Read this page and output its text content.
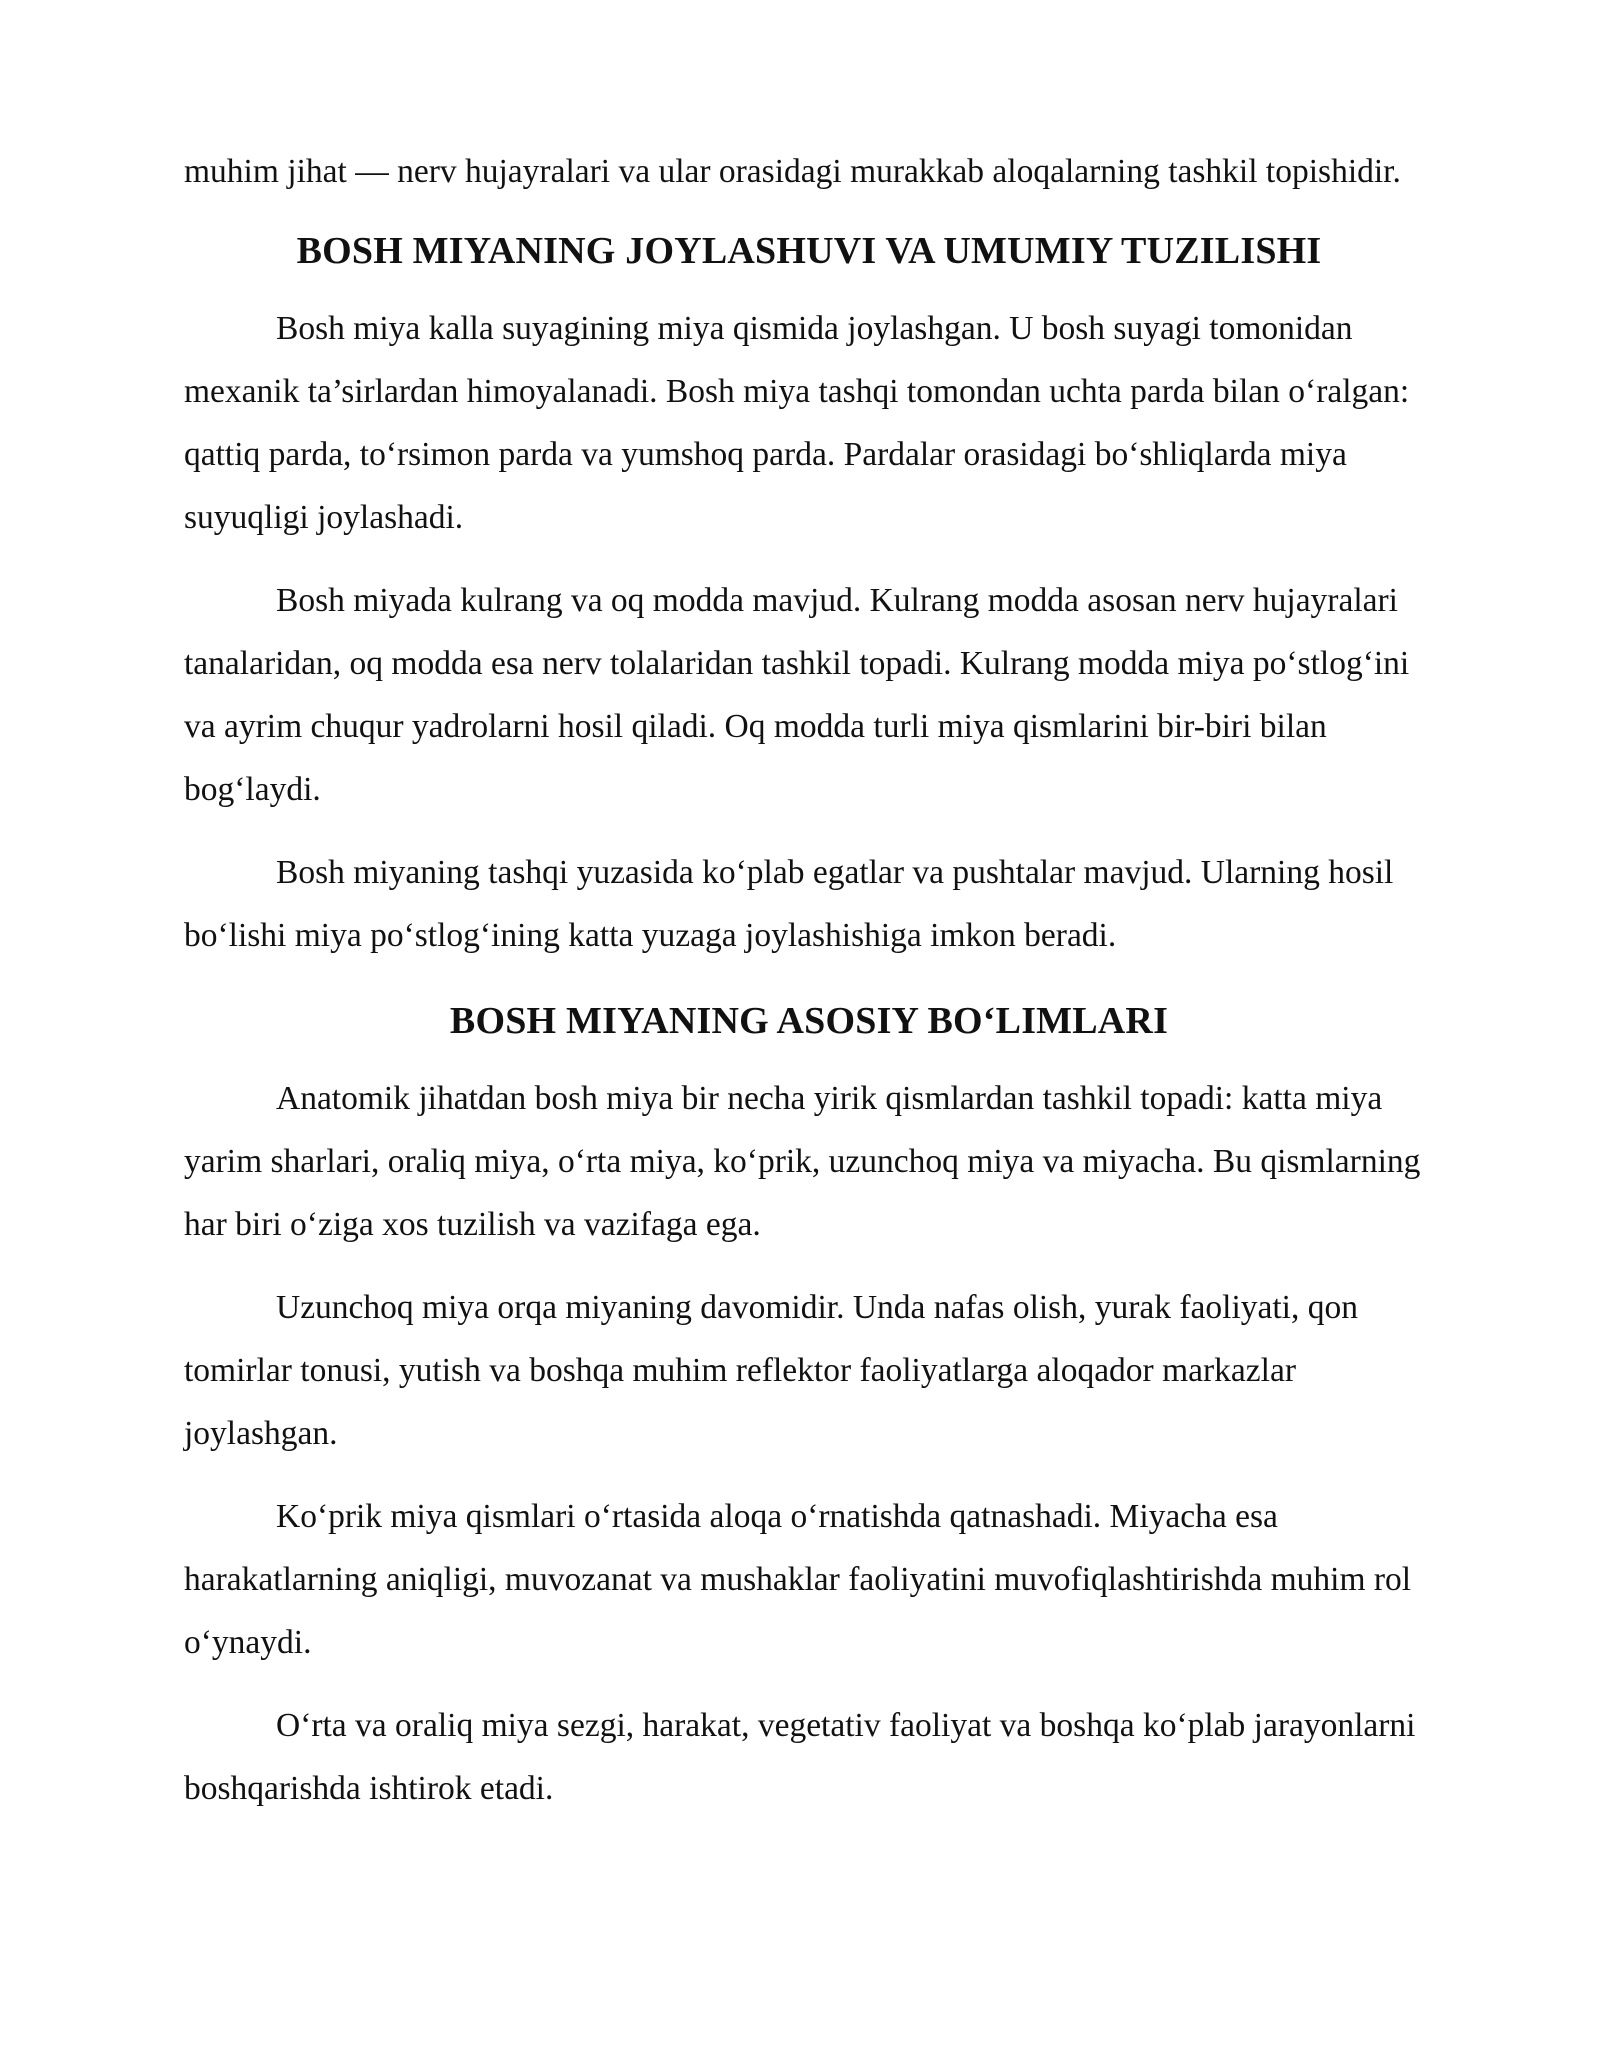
muhim jihat — nerv hujayralari va ular orasidagi murakkab aloqalarning tashkil topishidir.

BOSH MIYANING JOYLASHUVI VA UMUMIY TUZILISHI

Bosh miya kalla suyagining miya qismida joylashgan. U bosh suyagi tomonidan mexanik ta’sirlardan himoyalanadi. Bosh miya tashqi tomondan uchta parda bilan o‘ralgan: qattiq parda, to‘rsimon parda va yumshoq parda. Pardalar orasidagi bo‘shliqlarda miya suyuqligi joylashadi.

Bosh miyada kulrang va oq modda mavjud. Kulrang modda asosan nerv hujayralari tanalaridan, oq modda esa nerv tolalaridan tashkil topadi. Kulrang modda miya po‘stlog‘ini va ayrim chuqur yadrolarni hosil qiladi. Oq modda turli miya qismlarini bir-biri bilan bog‘laydi.

Bosh miyaning tashqi yuzasida ko‘plab egatlar va pushtalar mavjud. Ularning hosil bo‘lishi miya po‘stlog‘ining katta yuzaga joylashishiga imkon beradi.

BOSH MIYANING ASOSIY BO‘LIMLARI

Anatomik jihatdan bosh miya bir necha yirik qismlardan tashkil topadi: katta miya yarim sharlari, oraliq miya, o‘rta miya, ko‘prik, uzunchoq miya va miyacha. Bu qismlarning har biri o‘ziga xos tuzilish va vazifaga ega.

Uzunchoq miya orqa miyaning davomidir. Unda nafas olish, yurak faoliyati, qon tomirlar tonusi, yutish va boshqa muhim reflektor faoliyatlarga aloqador markazlar joylashgan.

Ko‘prik miya qismlari o‘rtasida aloqa o‘rnatishda qatnashadi. Miyacha esa harakatlarning aniqligi, muvozanat va mushaklar faoliyatini muvofiqlashtirishda muhim rol o‘ynaydi.

O‘rta va oraliq miya sezgi, harakat, vegetativ faoliyat va boshqa ko‘plab jarayonlarni boshqarishda ishtirok etadi.
